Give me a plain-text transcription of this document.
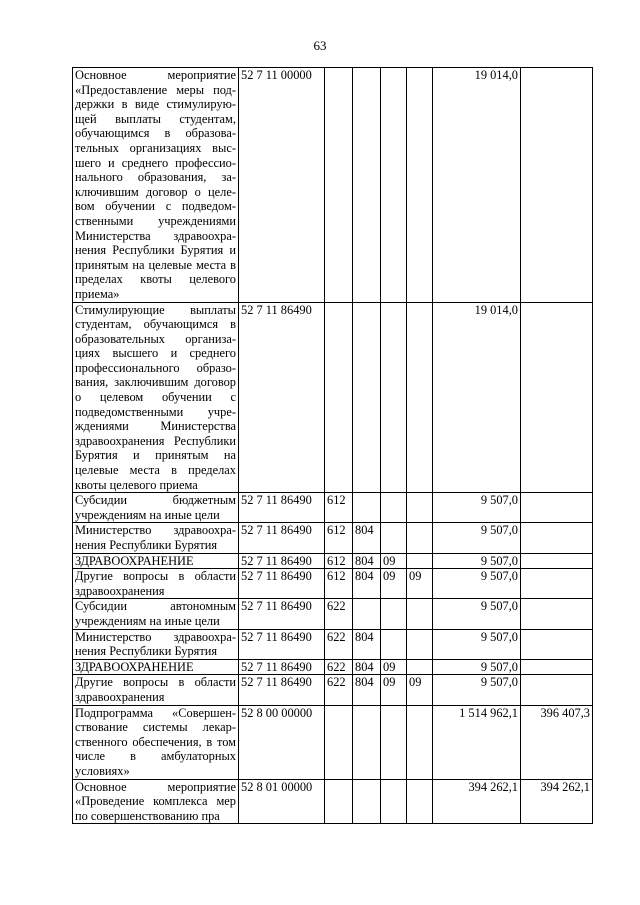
63
Основное мероприятие «Предоставление меры поддержки в виде стимулирующей выплаты студентам, обучающимся в образовательных организациях высшего и среднего профессионального образования, заключившим договор о целевом обучении с подведомственными учреждениями Министерства здравоохранения Республики Бурятия и принятым на целевые места в пределах квоты целевого приема»	52 7 11 00000					19 014,0	
Стимулирующие выплаты студентам, обучающимся в образовательных организациях высшего и среднего профессионального образования, заключившим договор о целевом обучении с подведомственными учреждениями Министерства здравоохранения Республики Бурятия и принятым на целевые места в пределах квоты целевого приема	52 7 11 86490					19 014,0	
Субсидии бюджетным учреждениям на иные цели	52 7 11 86490	612				9 507,0	
Министерство здравоохранения Республики Бурятия	52 7 11 86490	612	804			9 507,0	
ЗДРАВООХРАНЕНИЕ	52 7 11 86490	612	804	09		9 507,0	
Другие вопросы в области здравоохранения	52 7 11 86490	612	804	09	09	9 507,0	
Субсидии автономным учреждениям на иные цели	52 7 11 86490	622				9 507,0	
Министерство здравоохранения Республики Бурятия	52 7 11 86490	622	804			9 507,0	
ЗДРАВООХРАНЕНИЕ	52 7 11 86490	622	804	09		9 507,0	
Другие вопросы в области здравоохранения	52 7 11 86490	622	804	09	09	9 507,0	
Подпрограмма «Совершенствование системы лекарственного обеспечения, в том числе в амбулаторных условиях»	52 8 00 00000					1 514 962,1	396 407,3
Основное мероприятие «Проведение комплекса мер по совершенствованию пра	52 8 01 00000					394 262,1	394 262,1
